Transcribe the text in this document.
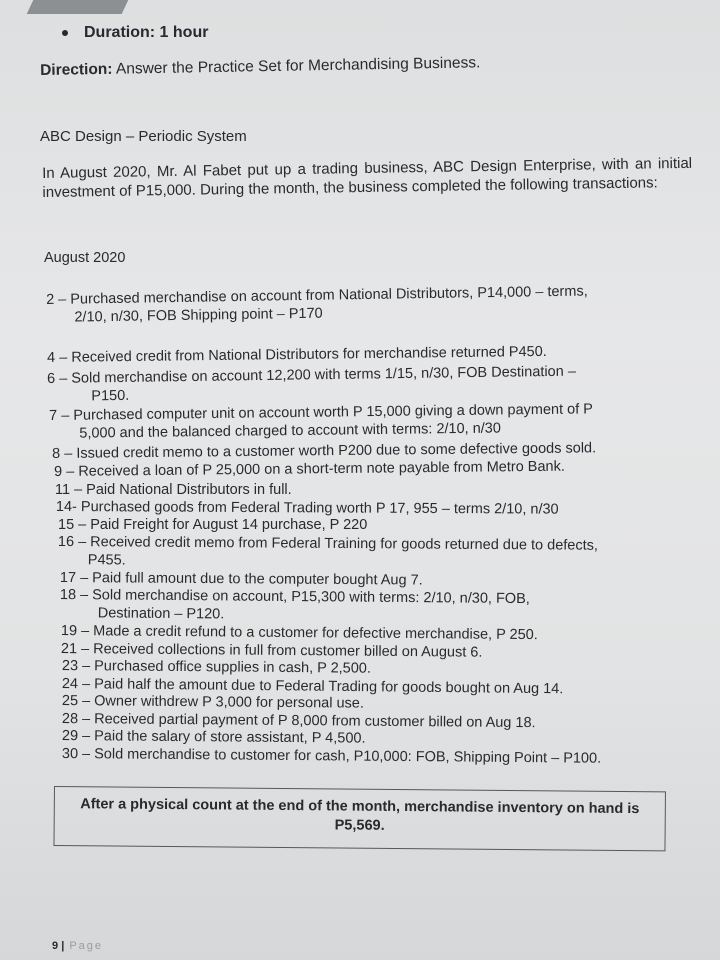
Duration: 1 hour
Direction: Answer the Practice Set for Merchandising Business.
ABC Design – Periodic System
In August 2020, Mr. Al Fabet put up a trading business, ABC Design Enterprise, with an initial investment of P15,000. During the month, the business completed the following transactions:
August 2020
2 – Purchased merchandise on account from National Distributors, P14,000 – terms,
2/10, n/30, FOB Shipping point – P170
4 – Received credit from National Distributors for merchandise returned P450.
6 – Sold merchandise on account 12,200 with terms 1/15, n/30, FOB Destination –
P150.
7 – Purchased computer unit on account worth P 15,000 giving a down payment of P
5,000 and the balanced charged to account with terms: 2/10, n/30
8 – Issued credit memo to a customer worth P200 due to some defective goods sold.
9 – Received a loan of P 25,000 on a short-term note payable from Metro Bank.
11 – Paid National Distributors in full.
14- Purchased goods from Federal Trading worth P 17, 955 – terms 2/10, n/30
15 – Paid Freight for August 14 purchase, P 220
16 – Received credit memo from Federal Training for goods returned due to defects,
P455.
17 – Paid full amount due to the computer bought Aug 7.
18 – Sold merchandise on account, P15,300 with terms: 2/10, n/30, FOB,
Destination – P120.
19 – Made a credit refund to a customer for defective merchandise, P 250.
21 – Received collections in full from customer billed on August 6.
23 – Purchased office supplies in cash, P 2,500.
24 – Paid half the amount due to Federal Trading for goods bought on Aug 14.
25 – Owner withdrew P 3,000 for personal use.
28 – Received partial payment of P 8,000 from customer billed on Aug 18.
29 – Paid the salary of store assistant, P 4,500.
30 – Sold merchandise to customer for cash, P10,000: FOB, Shipping Point – P100.
After a physical count at the end of the month, merchandise inventory on hand is P5,569.
9 | Page
